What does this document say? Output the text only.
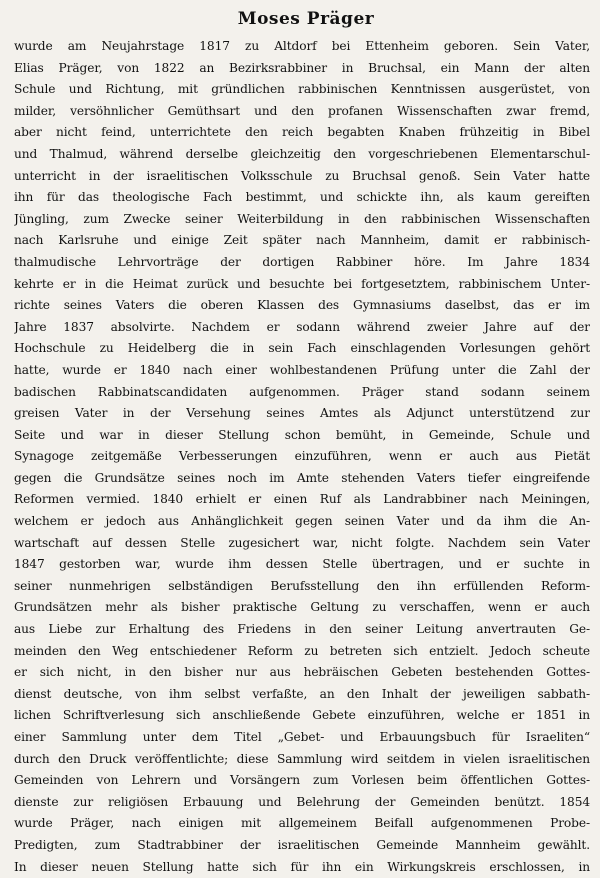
Moses Präger
wurde am Neujahrstage 1817 zu Altdorf bei Ettenheim geboren. Sein Vater,
Elias Präger, von 1822 an Bezirksrabbiner in Bruchsal, ein Mann der alten
Schule und Richtung, mit gründlichen rabbinischen Kenntnissen ausgerüstet, von
milder, versöhnlicher Gemüthsart und den profanen Wissenschaften zwar fremd,
aber nicht feind, unterrichtete den reich begabten Knaben frühzeitig in Bibel
und Thalmud, während derselbe gleichzeitig den vorgeschriebenen Elementarschul-
unterricht in der israelitischen Volksschule zu Bruchsal genoß. Sein Vater hatte
ihn für das theologische Fach bestimmt, und schickte ihn, als kaum gereiften
Jüngling, zum Zwecke seiner Weiterbildung in den rabbinischen Wissenschaften
nach Karlsruhe und einige Zeit später nach Mannheim, damit er rabbinisch-
thalmudische Lehrvorträge der dortigen Rabbiner höre. Im Jahre 1834
kehrte er in die Heimat zurück und besuchte bei fortgesetztem, rabbinischem Unter-
richte seines Vaters die oberen Klassen des Gymnasiums daselbst, das er im
Jahre 1837 absolvirte. Nachdem er sodann während zweier Jahre auf der
Hochschule zu Heidelberg die in sein Fach einschlagenden Vorlesungen gehört
hatte, wurde er 1840 nach einer wohlbestandenen Prüfung unter die Zahl der
badischen Rabbinatscandidaten aufgenommen. Präger stand sodann seinem
greisen Vater in der Versehung seines Amtes als Adjunct unterstützend zur
Seite und war in dieser Stellung schon bemüht, in Gemeinde, Schule und
Synagoge zeitgemäße Verbesserungen einzuführen, wenn er auch aus Pietät
gegen die Grundsätze seines noch im Amte stehenden Vaters tiefer eingreifende
Reformen vermied. 1840 erhielt er einen Ruf als Landrabbiner nach Meiningen,
welchem er jedoch aus Anhänglichkeit gegen seinen Vater und da ihm die An-
wartschaft auf dessen Stelle zugesichert war, nicht folgte. Nachdem sein Vater
1847 gestorben war, wurde ihm dessen Stelle übertragen, und er suchte in
seiner nunmehrigen selbständigen Berufsstellung den ihn erfüllenden Reform-
Grundsätzen mehr als bisher praktische Geltung zu verschaffen, wenn er auch
aus Liebe zur Erhaltung des Friedens in den seiner Leitung anvertrauten Ge-
meinden den Weg entschiedener Reform zu betreten sich entzielt. Jedoch scheute
er sich nicht, in den bisher nur aus hebräischen Gebeten bestehenden Gottes-
dienst deutsche, von ihm selbst verfaßte, an den Inhalt der jeweiligen sabbath-
lichen Schriftverlesung sich anschließende Gebete einzuführen, welche er 1851 in
einer Sammlung unter dem Titel „Gebet- und Erbauungsbuch für Israeliten“
durch den Druck veröffentlichte; diese Sammlung wird seitdem in vielen israelitischen
Gemeinden von Lehrern und Vorsängern zum Vorlesen beim öffentlichen Gottes-
dienste zur religiösen Erbauung und Belehrung der Gemeinden benützt. 1854
wurde Präger, nach einigen mit allgemeinem Beifall aufgenommenen Probe-
Predigten, zum Stadtrabbiner der israelitischen Gemeinde Mannheim gewählt.
In dieser neuen Stellung hatte sich für ihn ein Wirkungskreis erschlossen, in
